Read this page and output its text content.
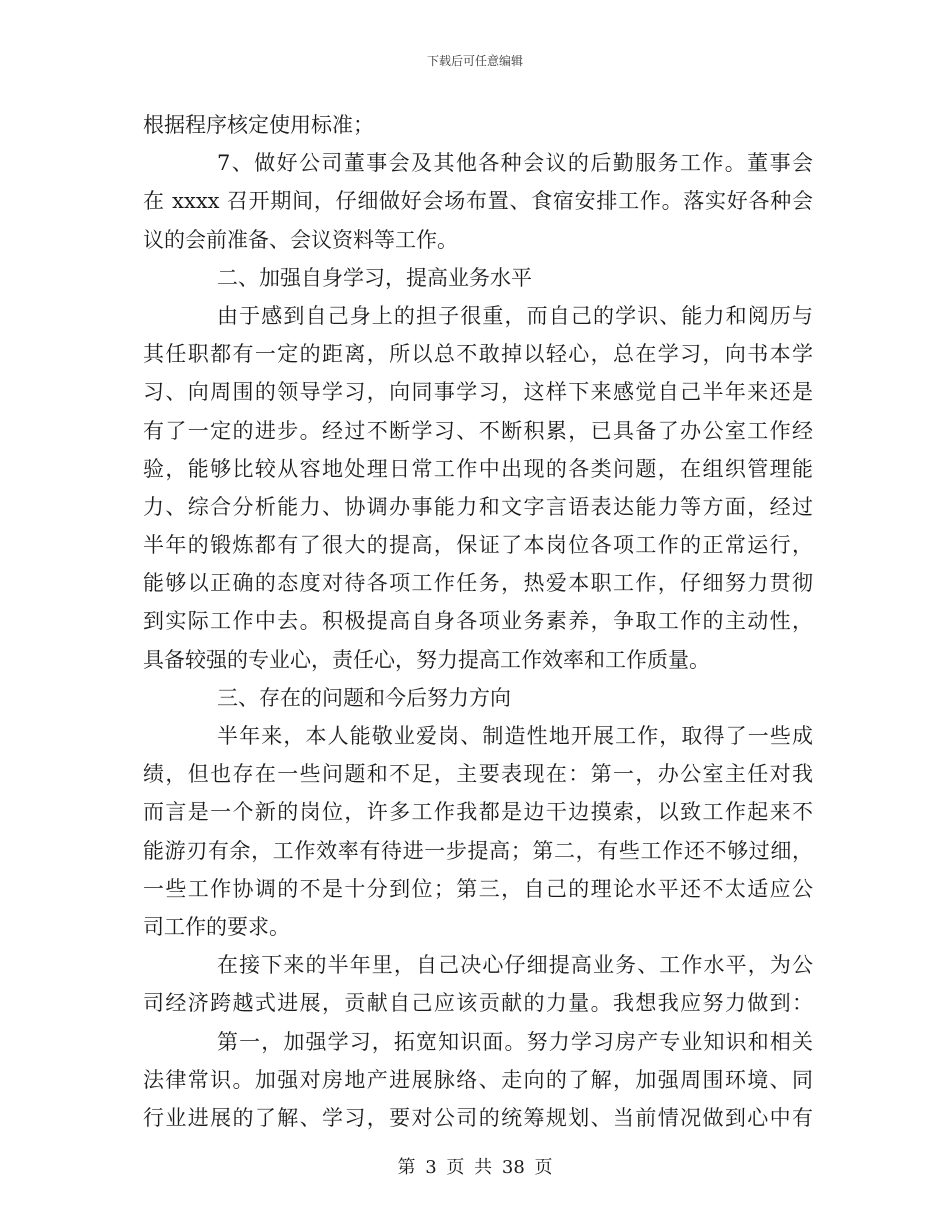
下载后可任意编辑
根据程序核定使用标准；
7、做好公司董事会及其他各种会议的后勤服务工作。董事会
在 xxxx 召开期间，仔细做好会场布置、食宿安排工作。落实好各种会
议的会前准备、会议资料等工作。
二、加强自身学习，提高业务水平
由于感到自己身上的担子很重，而自己的学识、能力和阅历与
其任职都有一定的距离，所以总不敢掉以轻心，总在学习，向书本学
习、向周围的领导学习，向同事学习，这样下来感觉自己半年来还是
有了一定的进步。经过不断学习、不断积累，已具备了办公室工作经
验，能够比较从容地处理日常工作中出现的各类问题，在组织管理能
力、综合分析能力、协调办事能力和文字言语表达能力等方面，经过
半年的锻炼都有了很大的提高，保证了本岗位各项工作的正常运行，
能够以正确的态度对待各项工作任务，热爱本职工作，仔细努力贯彻
到实际工作中去。积极提高自身各项业务素养，争取工作的主动性，
具备较强的专业心，责任心，努力提高工作效率和工作质量。
三、存在的问题和今后努力方向
半年来，本人能敬业爱岗、制造性地开展工作，取得了一些成
绩，但也存在一些问题和不足，主要表现在：第一，办公室主任对我
而言是一个新的岗位，许多工作我都是边干边摸索，以致工作起来不
能游刃有余，工作效率有待进一步提高；第二，有些工作还不够过细，
一些工作协调的不是十分到位；第三，自己的理论水平还不太适应公
司工作的要求。
在接下来的半年里，自己决心仔细提高业务、工作水平，为公
司经济跨越式进展，贡献自己应该贡献的力量。我想我应努力做到：
第一，加强学习，拓宽知识面。努力学习房产专业知识和相关
法律常识。加强对房地产进展脉络、走向的了解，加强周围环境、同
行业进展的了解、学习，要对公司的统筹规划、当前情况做到心中有
第 3 页 共 38 页
